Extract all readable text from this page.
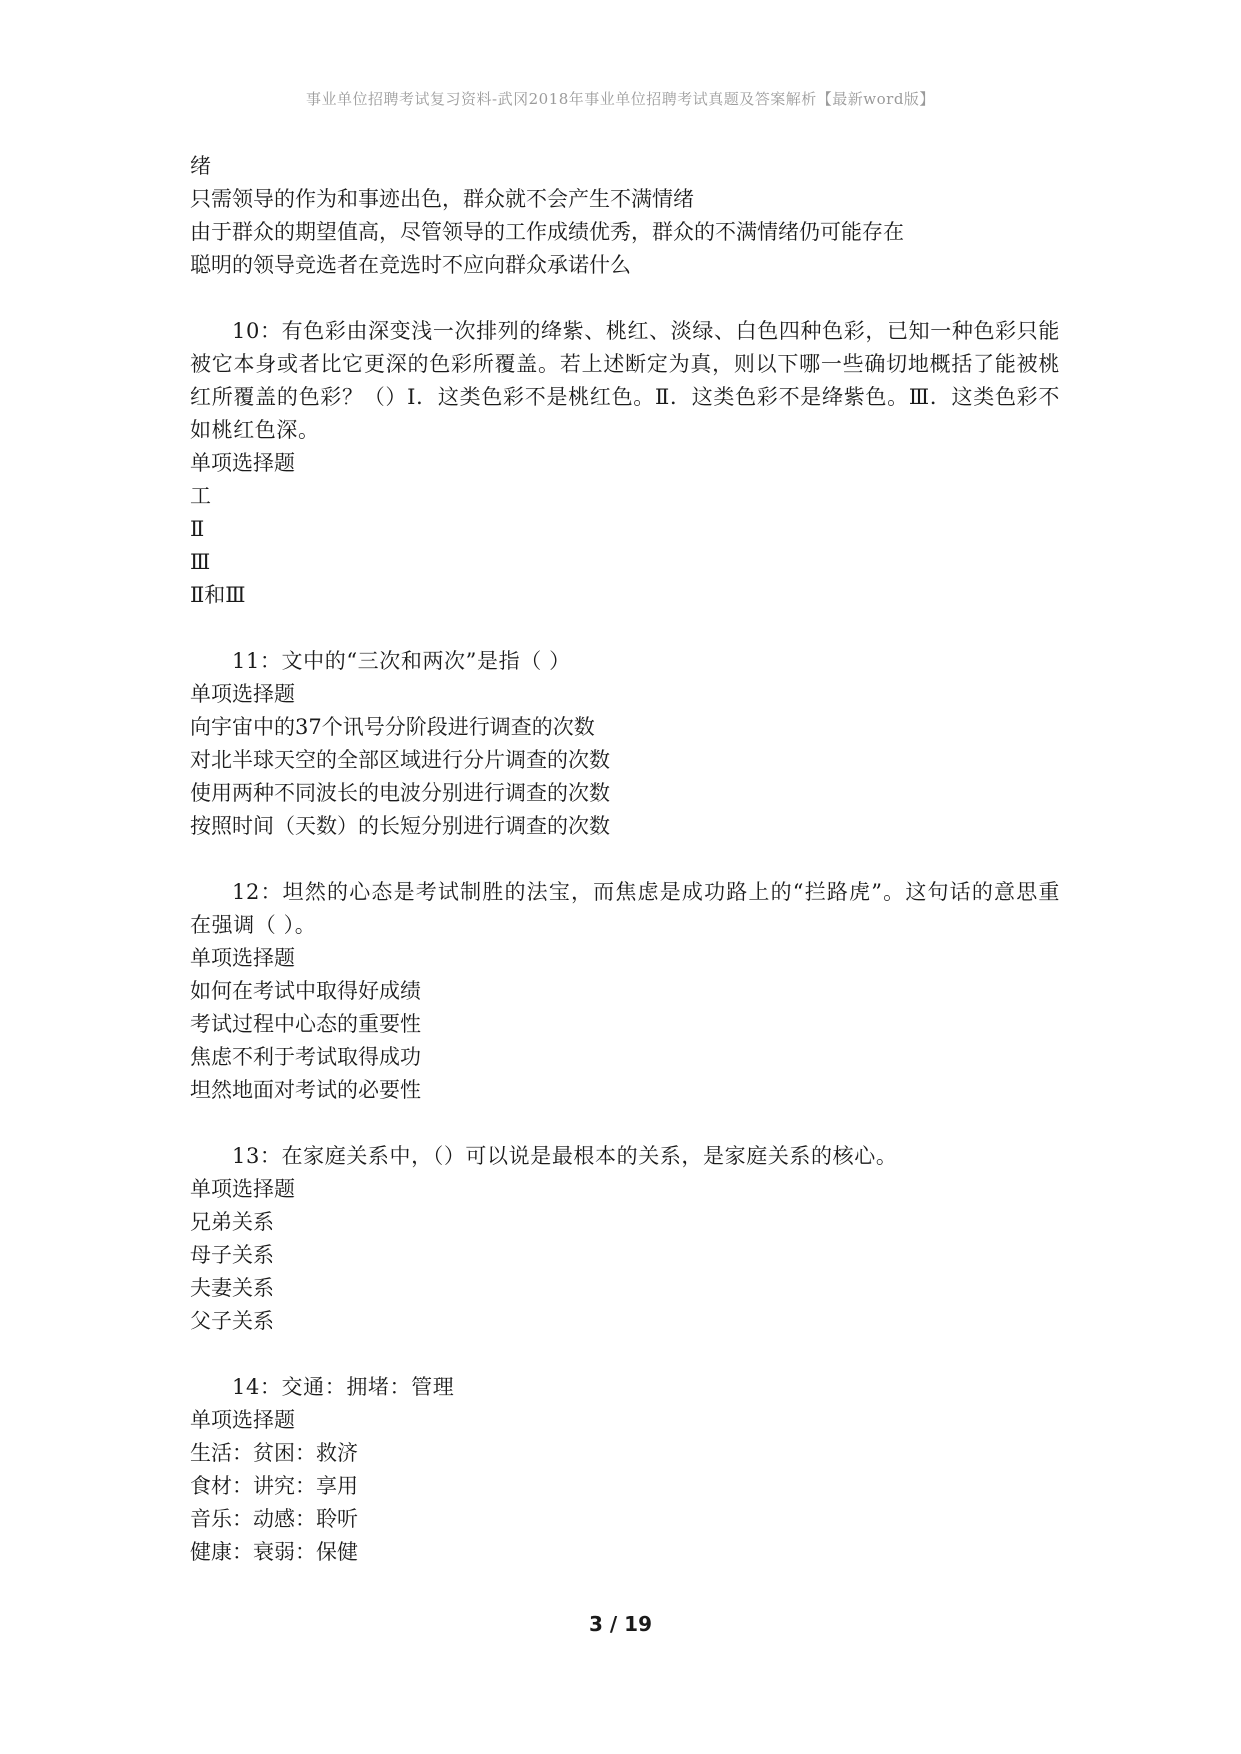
事业单位招聘考试复习资料-武冈2018年事业单位招聘考试真题及答案解析【最新word版】

绪

只需领导的作为和事迹出色，群众就不会产生不满情绪

由于群众的期望值高，尽管领导的工作成绩优秀，群众的不满情绪仍可能存在

聪明的领导竞选者在竞选时不应向群众承诺什么

10：有色彩由深变浅一次排列的绛紫、桃红、淡绿、白色四种色彩，已知一种色彩只能被它本身或者比它更深的色彩所覆盖。若上述断定为真，则以下哪一些确切地概括了能被桃红所覆盖的色彩？（）Ⅰ．这类色彩不是桃红色。Ⅱ．这类色彩不是绛紫色。Ⅲ．这类色彩不如桃红色深。

单项选择题

工

Ⅱ

Ⅲ

Ⅱ和Ⅲ

11：文中的“三次和两次”是指（ ）

单项选择题

向宇宙中的37个讯号分阶段进行调查的次数

对北半球天空的全部区域进行分片调查的次数

使用两种不同波长的电波分别进行调查的次数

按照时间（天数）的长短分别进行调查的次数

12：坦然的心态是考试制胜的法宝，而焦虑是成功路上的“拦路虎”。这句话的意思重在强调（ ）。

单项选择题

如何在考试中取得好成绩

考试过程中心态的重要性

焦虑不利于考试取得成功

坦然地面对考试的必要性

13：在家庭关系中，（）可以说是最根本的关系，是家庭关系的核心。

单项选择题

兄弟关系

母子关系

夫妻关系

父子关系

14：交通：拥堵：管理

单项选择题

生活：贫困：救济

食材：讲究：享用

音乐：动感：聆听

健康：衰弱：保健

3 / 19
